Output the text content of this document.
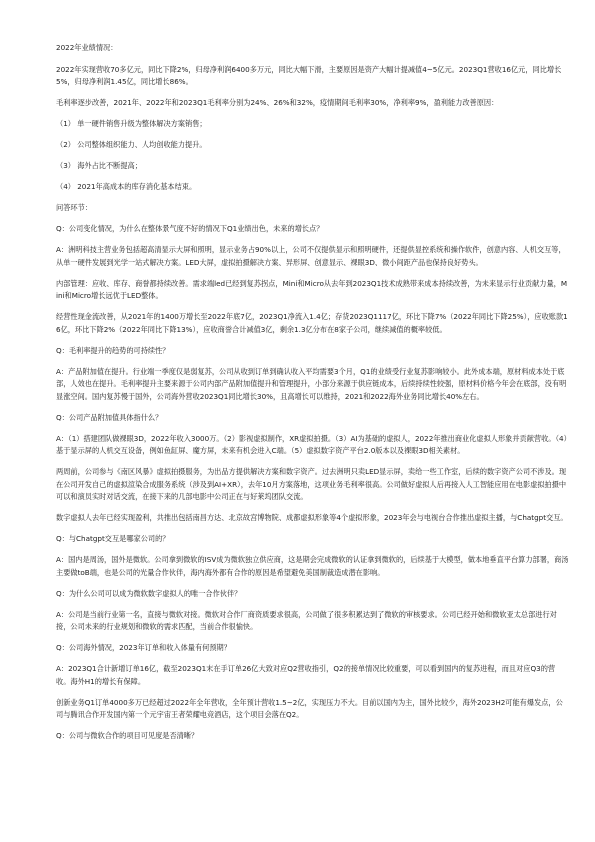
2022年业绩情况：

2022年实现营收70多亿元，同比下降2%，归母净利润6400多万元，同比大幅下滑，主要原因是资产大幅计提减值4~5亿元。2023Q1营收16亿元，同比增长5%，归母净利润1.45亿，同比增长86%。

毛利率逐步改善，2021年、2022年和2023Q1毛利率分别为24%、26%和32%，疫情期间毛利率30%，净利率9%，盈利能力改善原因：

（1） 单一硬件销售升级为整体解决方案销售；

（2） 公司整体组织能力、人均创收能力提升。

（3） 海外占比不断提高；

（4） 2021年高成本的库存消化基本结束。

问答环节：

Q：公司变化情况，为什么在整体景气度不好的情况下Q1业绩出色，未来的增长点？

A：洲明科技主营业务包括超高清显示大屏和照明，显示业务占90%以上，公司不仅提供显示和照明硬件，还提供显控系统和操作软件，创意内容、人机交互等，从单一硬件发展到光学一站式解决方案。LED大屏，虚拟拍摄解决方案、异形屏、创意显示、裸眼3D、微小间距产品也保持良好势头。

内部管理：应收、库存、商誉都持续改善。需求端led已经到复苏拐点，Mini和Micro从去年到2023Q1技术成熟带来成本持续改善，为未来显示行业贡献力量，Mini和Micro增长远优于LED整体。

经营性现金流改善，从2021年的1400万增长至2022年底7亿，2023Q1净流入1.4亿；存货2023Q1117亿，环比下降7%（2022年同比下降25%），应收账款16亿，环比下降2%（2022年同比下降13%），应收商誉合计减值3亿，剩余1.3亿分布在8家子公司，继续减值的概率较低。

Q：毛利率提升的趋势的可持续性？

A：产品附加值在提升。行业端一季度仅是弱复苏，公司从收到订单到确认收入平均需要3个月，Q1的业绩受行业复苏影响较小。此外成本端，原材料成本处于底部，人效也在提升。毛利率提升主要来源于公司内部产品附加值提升和管理提升，小部分来源于供应链成本，后续持续性较强，原材料价格今年会在底部，没有明显涨空间。国内复苏慢于国外，公司海外营收2023Q1同比增长30%，且高增长可以维持，2021和2022海外业务同比增长40%左右。

Q：公司产品附加值具体指什么？

A：（1）搭建团队做裸眼3D，2022年收入3000万。（2）影视虚拟制作，XR虚拟拍摄。（3）AI为基础的虚拟人，2022年推出商业化虚拟人形象并贡献营收。（4）基于显示屏的人机交互设备，例如鱼缸屏、魔方屏，未来有机会进入C端。（5）虚拟数字资产平台2.0版本以及裸眼3D相关素材。

两周前，公司参与《南区风暴》虚拟拍摄服务，为出品方提供解决方案和数字资产。过去洲明只卖LED显示屏，卖给一些工作室，后续的数字资产公司不涉及。现在公司开发自己的虚拟渲染合成服务系统（涉及到AI+XR），去年10月方案落地，这项业务毛利率很高。公司做好虚拟人后再接入人工智能应用在电影虚拟拍摄中可以和演员实时对话交流，在接下来的几部电影中公司正在与好莱坞团队交流。

数字虚拟人去年已经实现盈利，共推出包括南昌方达、北京故宫博物院、成都虚拟形象等4个虚拟形象，2023年会与电视台合作推出虚拟主播，与Chatgpt交互。

Q：与Chatgpt交互是哪家公司的？

A：国内是周汤，国外是微软。公司拿到微软的ISV成为微软独立供应商，这是期会完成微软的认证拿到微软的，后续基于大模型，做本地垂直平台算力部署，商汤主要做toB端，也是公司的光量合作伙伴，海内海外都有合作的原因是希望避免美国制裁造成潜在影响。

Q：为什么公司可以成为微软数字虚拟人的唯一合作伙伴？

A：公司是当前行业第一名，直接与微软对接。微软对合作厂商资质要求很高，公司做了很多积累达到了微软的审核要求。公司已经开始和微软亚太总部进行对接，公司未来的行业规划和微软的需求匹配，当前合作很愉快。

Q：公司海外情况，2023年订单和收入体量有何预期？

A：2023Q1合计新增订单16亿，截至2023Q1末在手订单26亿大致对应Q2营收指引，Q2的接单情况比较重要，可以看到国内的复苏进程，而且对应Q3的营收。海外H1的增长有保障。

创新业务Q1订单4000多万已经超过2022年全年营收，全年预计营收1.5~2亿，实现压力不大。目前以国内为主，国外比较少，海外2023H2可能有爆发点，公司与腾讯合作开发国内第一个元宇宙王者荣耀电竞酒店，这个项目会落在Q2。

Q：公司与微软合作的项目可见度是否清晰？
